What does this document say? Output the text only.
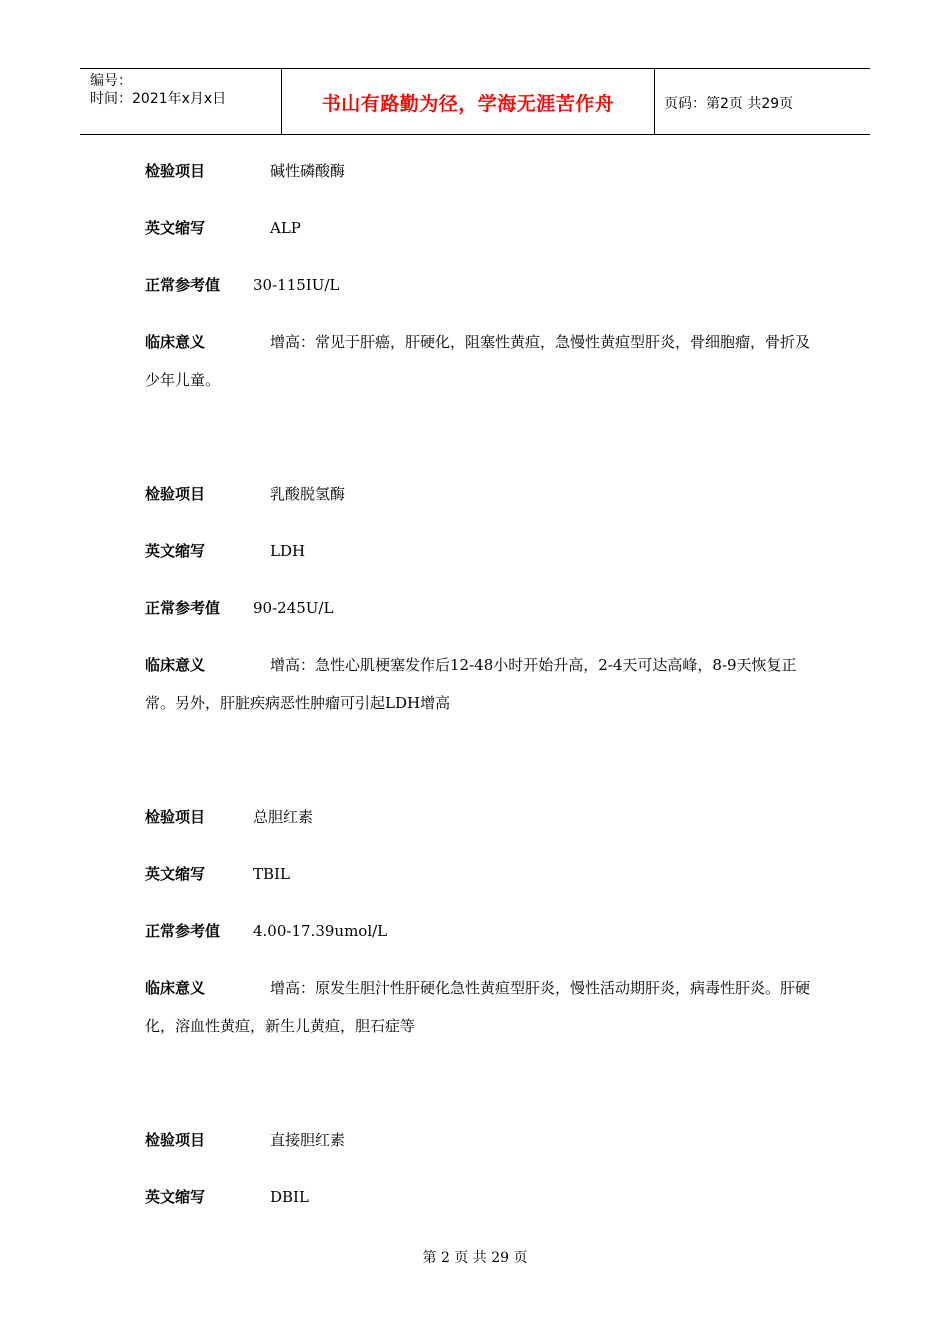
编号：
时间：2021年x月x日	书山有路勤为径，学海无涯苦作舟	页码：第2页 共29页
检验项目	碱性磷酸酶
英文缩写	ALP
正常参考值 30-115IU/L
临床意义	增高：常见于肝癌，肝硬化，阻塞性黄疸，急慢性黄疸型肝炎，骨细胞瘤，骨折及少年儿童。
检验项目	乳酸脱氢酶
英文缩写	LDH
正常参考值 90-245U/L
临床意义	增高：急性心肌梗塞发作后12-48小时开始升高，2-4天可达高峰，8-9天恢复正常。另外，肝脏疾病恶性肿瘤可引起LDH增高
检验项目	总胆红素
英文缩写	TBIL
正常参考值 4.00-17.39umol/L
临床意义	增高：原发生胆汁性肝硬化急性黄疸型肝炎，慢性活动期肝炎，病毒性肝炎。肝硬化，溶血性黄疸，新生儿黄疸，胆石症等
检验项目	直接胆红素
英文缩写	DBIL
第 2 页 共 29 页
